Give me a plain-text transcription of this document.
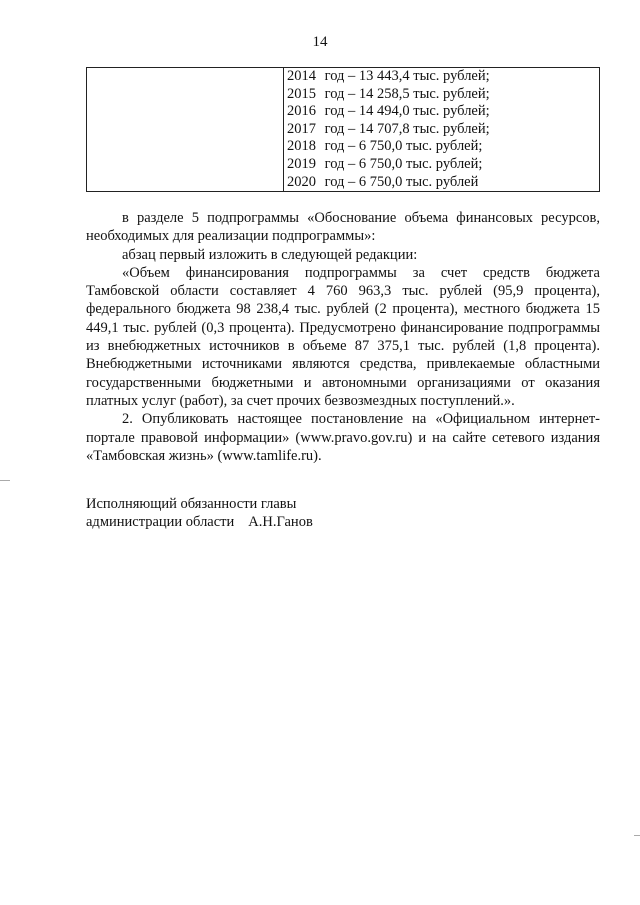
14
2014 год – 13 443,4 тыс. рублей;
2015 год – 14 258,5 тыс. рублей;
2016 год – 14 494,0 тыс. рублей;
2017 год – 14 707,8 тыс. рублей;
2018 год – 6 750,0 тыс. рублей;
2019 год – 6 750,0 тыс. рублей;
2020 год – 6 750,0 тыс. рублей

в разделе 5 подпрограммы «Обоснование объема финансовых ресурсов, необходимых для реализации подпрограммы»:

абзац первый изложить в следующей редакции:

«Объем финансирования подпрограммы за счет средств бюджета Тамбовской области составляет 4 760 963,3 тыс. рублей (95,9 процента), федерального бюджета 98 238,4 тыс. рублей (2 процента), местного бюджета 15 449,1 тыс. рублей (0,3 процента). Предусмотрено финансирование подпрограммы из внебюджетных источников в объеме 87 375,1 тыс. рублей (1,8 процента). Внебюджетными источниками являются средства, привлекаемые областными государственными бюджетными и автономными организациями от оказания платных услуг (работ), за счет прочих безвозмездных поступлений.».

2. Опубликовать настоящее постановление на «Официальном интернет-портале правовой информации» (www.pravo.gov.ru) и на сайте сетевого издания «Тамбовская жизнь» (www.tamlife.ru).

Исполняющий обязанности главы
администрации области А.Н.Ганов
